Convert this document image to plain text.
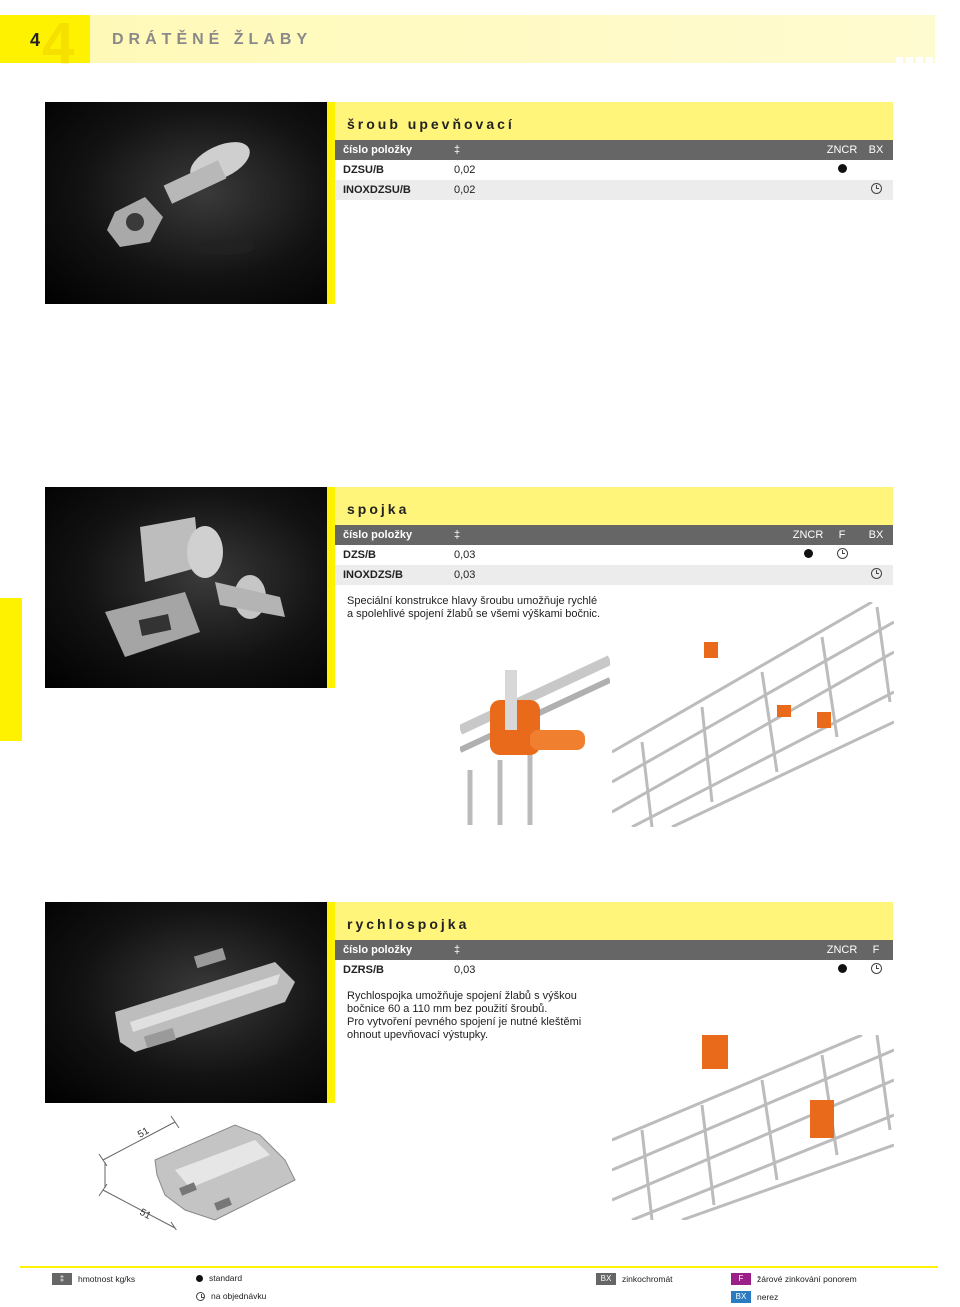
4 4 DRÁTĚNÉ ŽLABY
šroub upevňovací
číslo položky	‡	ZNCR	BX
DZSU/B	0,02		
INOXDZSU/B	0,02		
spojka
číslo položky	‡	ZNCR	F	BX
DZS/B	0,03			
INOXDZS/B	0,03			
Speciální konstrukce hlavy šroubu umožňuje rychlé
a spolehlivé spojení žlabů se všemi výškami bočnic.
rychlospojka
číslo položky	‡	ZNCR	F
DZRS/B	0,03		
Rychlospojka umožňuje spojení žlabů s výškou
bočnice 60 a 110 mm bez použití šroubů.
Pro vytvoření pevného spojení je nutné kleštěmi
ohnout upevňovací výstupky.
51
51
‡	hmotnost kg/ks	standard
na objednávku
BX	zinkochromát	F	žárové zinkování ponorem
BX	nerez
